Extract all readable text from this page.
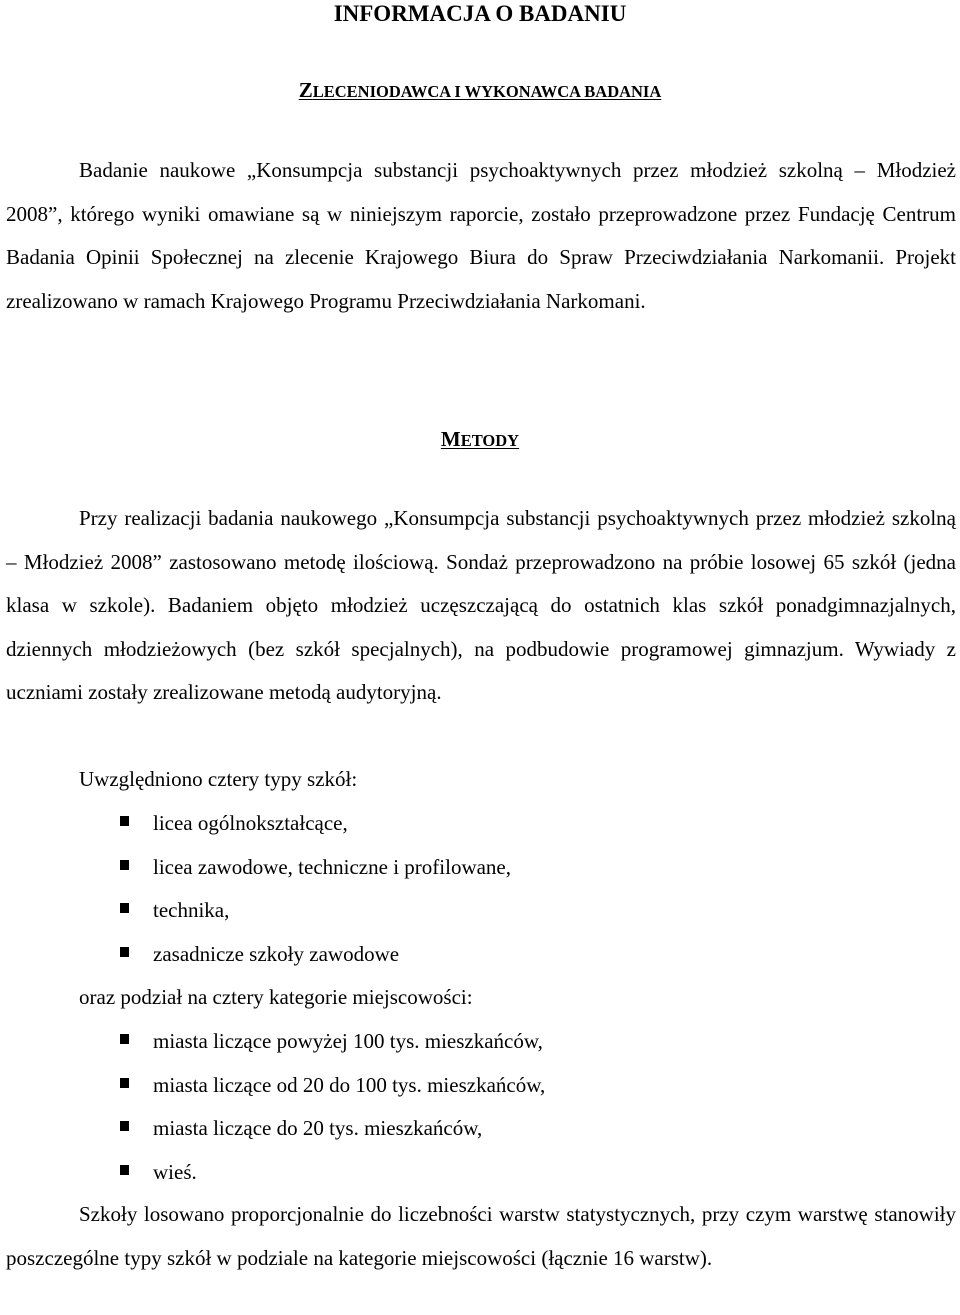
INFORMACJA O BADANIU
ZLECENIODAWCA I WYKONAWCA BADANIA

Badanie naukowe „Konsumpcja substancji psychoaktywnych przez młodzież szkolną – Młodzież 2008”, którego wyniki omawiane są w niniejszym raporcie, zostało przeprowadzone przez Fundację Centrum Badania Opinii Społecznej na zlecenie Krajowego Biura do Spraw Przeciwdziałania Narkomanii. Projekt zrealizowano w ramach Krajowego Programu Przeciwdziałania Narkomani.

METODY

Przy realizacji badania naukowego „Konsumpcja substancji psychoaktywnych przez młodzież szkolną – Młodzież 2008” zastosowano metodę ilościową. Sondaż przeprowadzono na próbie losowej 65 szkół (jedna klasa w szkole). Badaniem objęto młodzież uczęszczającą do ostatnich klas szkół ponadgimnazjalnych, dziennych młodzieżowych (bez szkół specjalnych), na podbudowie programowej gimnazjum. Wywiady z uczniami zostały zrealizowane metodą audytoryjną.

Uwzględniono cztery typy szkół:
licea ogólnokształcące,
licea zawodowe, techniczne i profilowane,
technika,
zasadnicze szkoły zawodowe
oraz podział na cztery kategorie miejscowości:
miasta liczące powyżej 100 tys. mieszkańców,
miasta liczące od 20 do 100 tys. mieszkańców,
miasta liczące do 20 tys. mieszkańców,
wieś.

Szkoły losowano proporcjonalnie do liczebności warstw statystycznych, przy czym warstwę stanowiły poszczególne typy szkół w podziale na kategorie miejscowości (łącznie 16 warstw).
